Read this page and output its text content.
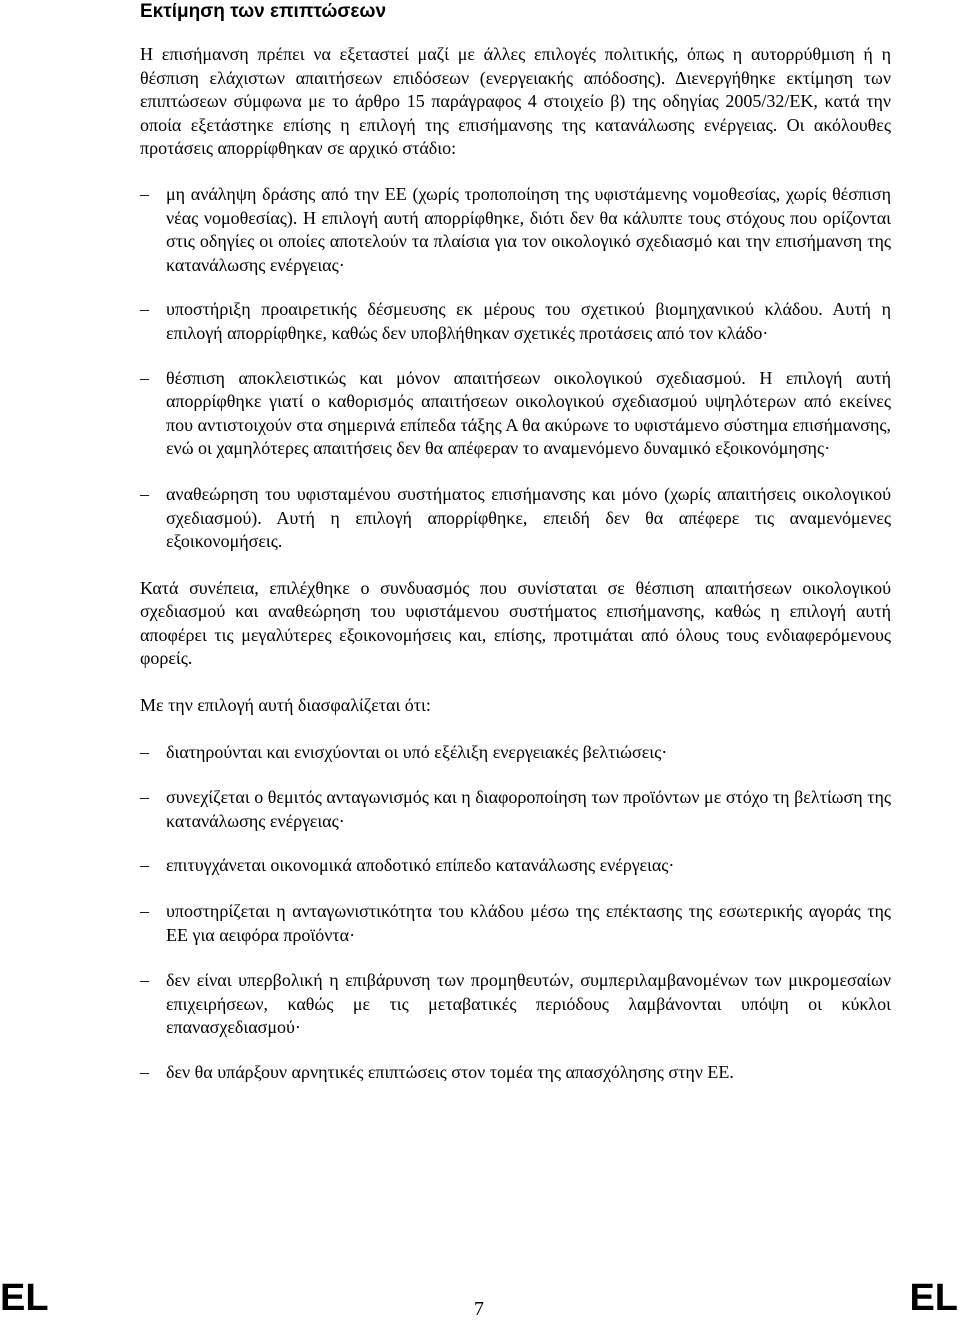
Εκτίμηση των επιπτώσεων

Η επισήμανση πρέπει να εξεταστεί μαζί με άλλες επιλογές πολιτικής, όπως η αυτορρύθμιση ή η θέσπιση ελάχιστων απαιτήσεων επιδόσεων (ενεργειακής απόδοσης). Διενεργήθηκε εκτίμηση των επιπτώσεων σύμφωνα με το άρθρο 15 παράγραφος 4 στοιχείο β) της οδηγίας 2005/32/ΕΚ, κατά την οποία εξετάστηκε επίσης η επιλογή της επισήμανσης της κατανάλωσης ενέργειας. Οι ακόλουθες προτάσεις απορρίφθηκαν σε αρχικό στάδιο:

– μη ανάληψη δράσης από την ΕΕ (χωρίς τροποποίηση της υφιστάμενης νομοθεσίας, χωρίς θέσπιση νέας νομοθεσίας). Η επιλογή αυτή απορρίφθηκε, διότι δεν θα κάλυπτε τους στόχους που ορίζονται στις οδηγίες οι οποίες αποτελούν τα πλαίσια για τον οικολογικό σχεδιασμό και την επισήμανση της κατανάλωσης ενέργειας·
– υποστήριξη προαιρετικής δέσμευσης εκ μέρους του σχετικού βιομηχανικού κλάδου. Αυτή η επιλογή απορρίφθηκε, καθώς δεν υποβλήθηκαν σχετικές προτάσεις από τον κλάδο·
– θέσπιση αποκλειστικώς και μόνον απαιτήσεων οικολογικού σχεδιασμού. Η επιλογή αυτή απορρίφθηκε γιατί ο καθορισμός απαιτήσεων οικολογικού σχεδιασμού υψηλότερων από εκείνες που αντιστοιχούν στα σημερινά επίπεδα τάξης Α θα ακύρωνε το υφιστάμενο σύστημα επισήμανσης, ενώ οι χαμηλότερες απαιτήσεις δεν θα απέφεραν το αναμενόμενο δυναμικό εξοικονόμησης·
– αναθεώρηση του υφισταμένου συστήματος επισήμανσης και μόνο (χωρίς απαιτήσεις οικολογικού σχεδιασμού). Αυτή η επιλογή απορρίφθηκε, επειδή δεν θα απέφερε τις αναμενόμενες εξοικονομήσεις.

Κατά συνέπεια, επιλέχθηκε ο συνδυασμός που συνίσταται σε θέσπιση απαιτήσεων οικολογικού σχεδιασμού και αναθεώρηση του υφιστάμενου συστήματος επισήμανσης, καθώς η επιλογή αυτή αποφέρει τις μεγαλύτερες εξοικονομήσεις και, επίσης, προτιμάται από όλους τους ενδιαφερόμενους φορείς.

Με την επιλογή αυτή διασφαλίζεται ότι:

– διατηρούνται και ενισχύονται οι υπό εξέλιξη ενεργειακές βελτιώσεις·
– συνεχίζεται ο θεμιτός ανταγωνισμός και η διαφοροποίηση των προϊόντων με στόχο τη βελτίωση της κατανάλωσης ενέργειας·
– επιτυγχάνεται οικονομικά αποδοτικό επίπεδο κατανάλωσης ενέργειας·
– υποστηρίζεται η ανταγωνιστικότητα του κλάδου μέσω της επέκτασης της εσωτερικής αγοράς της ΕΕ για αειφόρα προϊόντα·
– δεν είναι υπερβολική η επιβάρυνση των προμηθευτών, συμπεριλαμβανομένων των μικρομεσαίων επιχειρήσεων, καθώς με τις μεταβατικές περιόδους λαμβάνονται υπόψη οι κύκλοι επανασχεδιασμού·
– δεν θα υπάρξουν αρνητικές επιπτώσεις στον τομέα της απασχόλησης στην ΕΕ.
EL	7	EL
